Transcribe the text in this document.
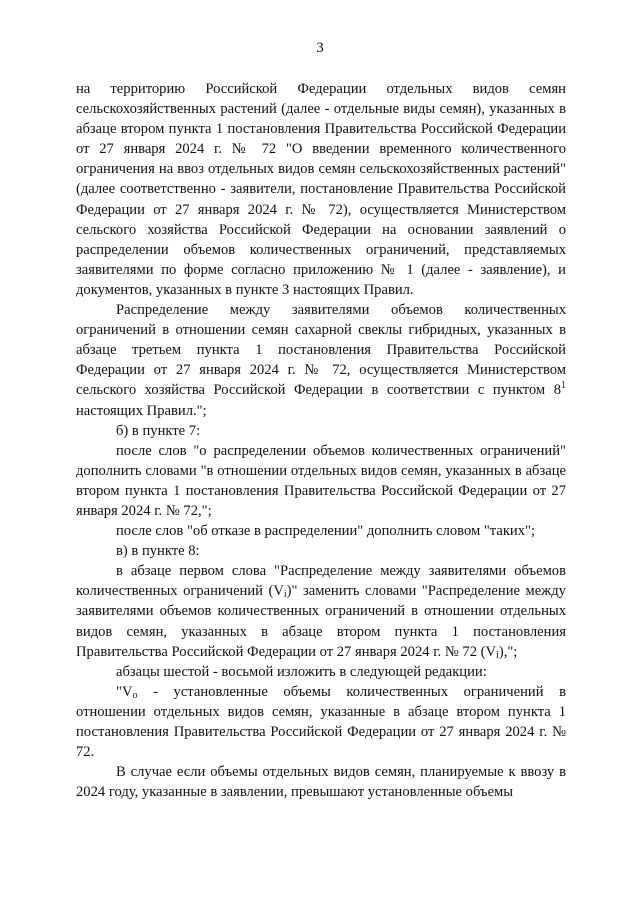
3

на территорию Российской Федерации отдельных видов семян сельскохозяйственных растений (далее - отдельные виды семян), указанных в абзаце втором пункта 1 постановления Правительства Российской Федерации от 27 января 2024 г. № 72 "О введении временного количественного ограничения на ввоз отдельных видов семян сельскохозяйственных растений" (далее соответственно - заявители, постановление Правительства Российской Федерации от 27 января 2024 г. № 72), осуществляется Министерством сельского хозяйства Российской Федерации на основании заявлений о распределении объемов количественных ограничений, представляемых заявителями по форме согласно приложению № 1 (далее - заявление), и документов, указанных в пункте 3 настоящих Правил.

Распределение между заявителями объемов количественных ограничений в отношении семян сахарной свеклы гибридных, указанных в абзаце третьем пункта 1 постановления Правительства Российской Федерации от 27 января 2024 г. № 72, осуществляется Министерством сельского хозяйства Российской Федерации в соответствии с пунктом $8^1$ настоящих Правил.";

б) в пункте 7:

после слов "о распределении объемов количественных ограничений" дополнить словами "в отношении отдельных видов семян, указанных в абзаце втором пункта 1 постановления Правительства Российской Федерации от 27 января 2024 г. № 72,";

после слов "об отказе в распределении" дополнить словом "таких";

в) в пункте 8:

в абзаце первом слова "Распределение между заявителями объемов количественных ограничений $(V_i)$" заменить словами "Распределение между заявителями объемов количественных ограничений в отношении отдельных видов семян, указанных в абзаце втором пункта 1 постановления Правительства Российской Федерации от 27 января 2024 г. № 72 $(V_i)$,";

абзацы шестой - восьмой изложить в следующей редакции:

"$V_o$ - установленные объемы количественных ограничений в отношении отдельных видов семян, указанные в абзаце втором пункта 1 постановления Правительства Российской Федерации от 27 января 2024 г. № 72.

В случае если объемы отдельных видов семян, планируемые к ввозу в 2024 году, указанные в заявлении, превышают установленные объемы
